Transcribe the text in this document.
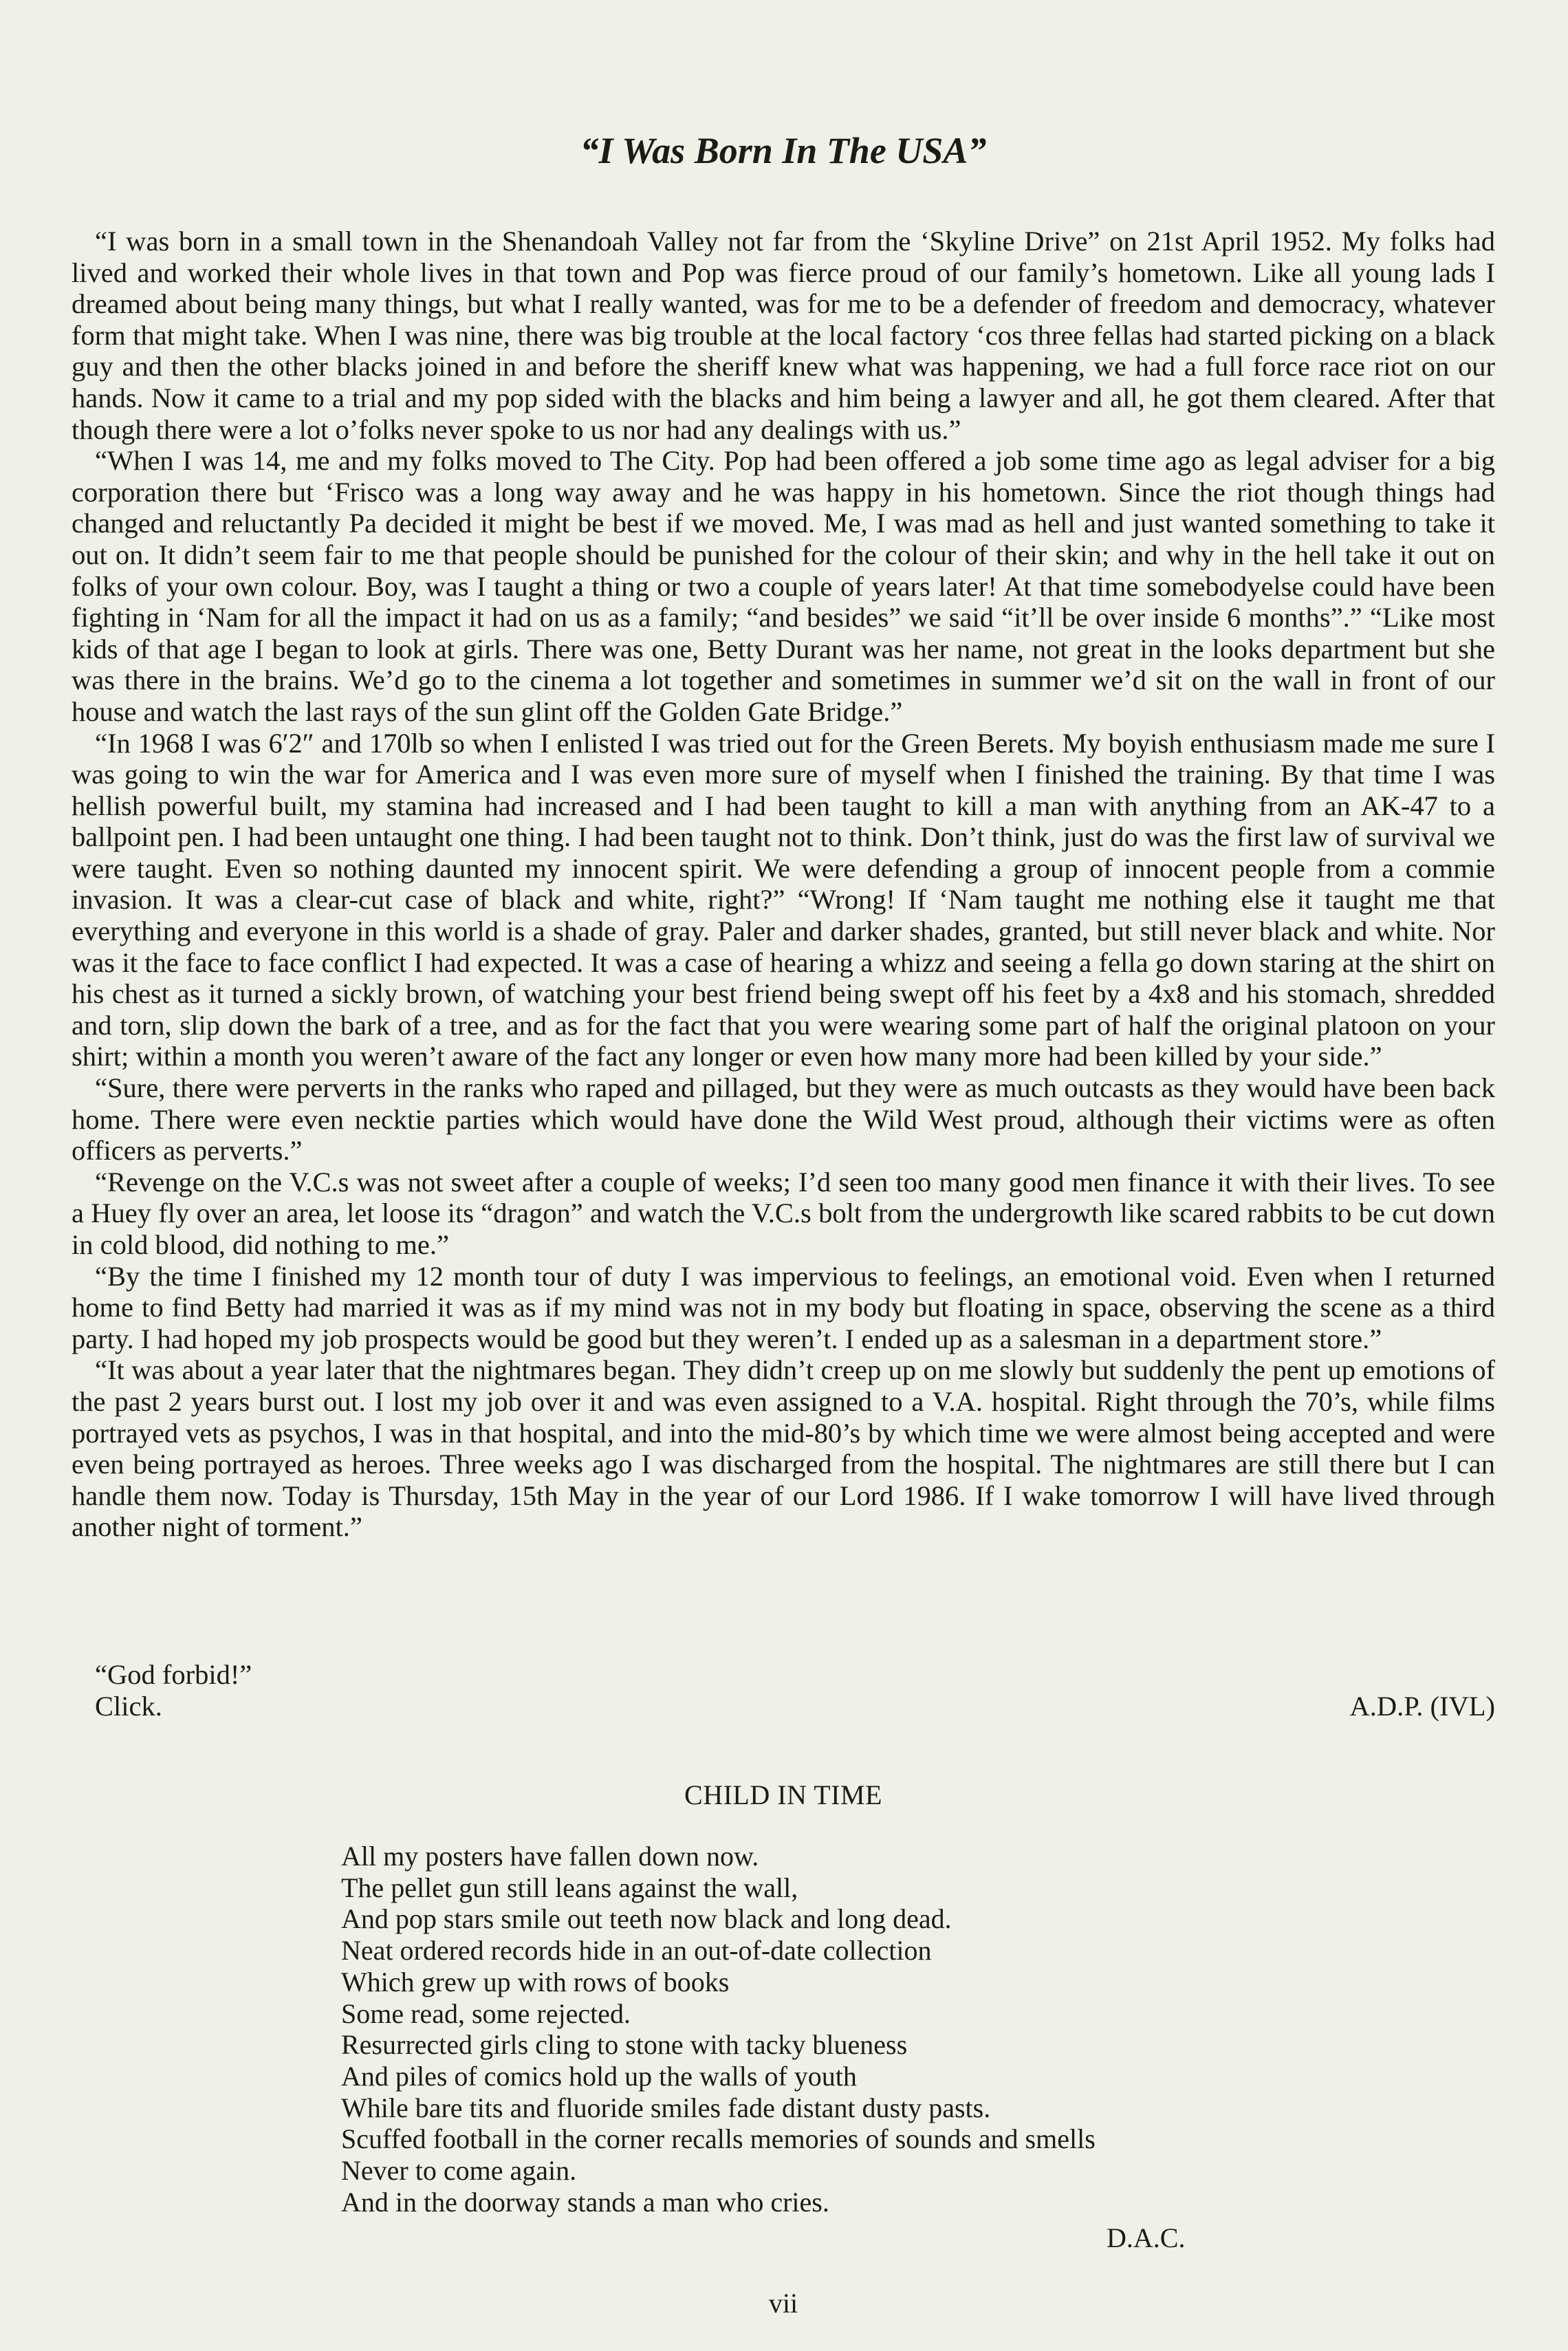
“I Was Born In The USA”

“I was born in a small town in the Shenandoah Valley not far from the ‘Skyline Drive” on 21st April 1952. My folks had lived and worked their whole lives in that town and Pop was fierce proud of our family’s hometown. Like all young lads I dreamed about being many things, but what I really wanted, was for me to be a defender of freedom and democracy, whatever form that might take. When I was nine, there was big trouble at the local factory ‘cos three fellas had started picking on a black guy and then the other blacks joined in and before the sheriff knew what was happening, we had a full force race riot on our hands. Now it came to a trial and my pop sided with the blacks and him being a lawyer and all, he got them cleared. After that though there were a lot o’folks never spoke to us nor had any dealings with us.”

“When I was 14, me and my folks moved to The City. Pop had been offered a job some time ago as legal adviser for a big corporation there but ‘Frisco was a long way away and he was happy in his hometown. Since the riot though things had changed and reluctantly Pa decided it might be best if we moved. Me, I was mad as hell and just wanted something to take it out on. It didn’t seem fair to me that people should be punished for the colour of their skin; and why in the hell take it out on folks of your own colour. Boy, was I taught a thing or two a couple of years later! At that time somebodyelse could have been fighting in ‘Nam for all the impact it had on us as a family; “and besides” we said “it’ll be over inside 6 months”.” “Like most kids of that age I began to look at girls. There was one, Betty Durant was her name, not great in the looks department but she was there in the brains. We’d go to the cinema a lot together and sometimes in summer we’d sit on the wall in front of our house and watch the last rays of the sun glint off the Golden Gate Bridge.”

“In 1968 I was 6′2″ and 170lb so when I enlisted I was tried out for the Green Berets. My boyish enthusiasm made me sure I was going to win the war for America and I was even more sure of myself when I finished the training. By that time I was hellish powerful built, my stamina had increased and I had been taught to kill a man with anything from an AK-47 to a ballpoint pen. I had been untaught one thing. I had been taught not to think. Don’t think, just do was the first law of survival we were taught. Even so nothing daunted my innocent spirit. We were defending a group of innocent people from a commie invasion. It was a clear-cut case of black and white, right?” “Wrong! If ‘Nam taught me nothing else it taught me that everything and everyone in this world is a shade of gray. Paler and darker shades, granted, but still never black and white. Nor was it the face to face conflict I had expected. It was a case of hearing a whizz and seeing a fella go down staring at the shirt on his chest as it turned a sickly brown, of watching your best friend being swept off his feet by a 4x8 and his stomach, shredded and torn, slip down the bark of a tree, and as for the fact that you were wearing some part of half the original platoon on your shirt; within a month you weren’t aware of the fact any longer or even how many more had been killed by your side.”

“Sure, there were perverts in the ranks who raped and pillaged, but they were as much outcasts as they would have been back home. There were even necktie parties which would have done the Wild West proud, although their victims were as often officers as perverts.”

“Revenge on the V.C.s was not sweet after a couple of weeks; I’d seen too many good men finance it with their lives. To see a Huey fly over an area, let loose its “dragon” and watch the V.C.s bolt from the undergrowth like scared rabbits to be cut down in cold blood, did nothing to me.”

“By the time I finished my 12 month tour of duty I was impervious to feelings, an emotional void. Even when I returned home to find Betty had married it was as if my mind was not in my body but floating in space, observing the scene as a third party. I had hoped my job prospects would be good but they weren’t. I ended up as a salesman in a department store.”

“It was about a year later that the nightmares began. They didn’t creep up on me slowly but suddenly the pent up emotions of the past 2 years burst out. I lost my job over it and was even assigned to a V.A. hospital. Right through the 70’s, while films portrayed vets as psychos, I was in that hospital, and into the mid-80’s by which time we were almost being accepted and were even being portrayed as heroes. Three weeks ago I was discharged from the hospital. The nightmares are still there but I can handle them now. Today is Thursday, 15th May in the year of our Lord 1986. If I wake tomorrow I will have lived through another night of torment.”

“God forbid!”
Click.	A.D.P. (IVL)
CHILD IN TIME
All my posters have fallen down now.
The pellet gun still leans against the wall,
And pop stars smile out teeth now black and long dead.
Neat ordered records hide in an out-of-date collection
Which grew up with rows of books
Some read, some rejected.
Resurrected girls cling to stone with tacky blueness
And piles of comics hold up the walls of youth
While bare tits and fluoride smiles fade distant dusty pasts.
Scuffed football in the corner recalls memories of sounds and smells
Never to come again.
And in the doorway stands a man who cries.
D.A.C.
vii
